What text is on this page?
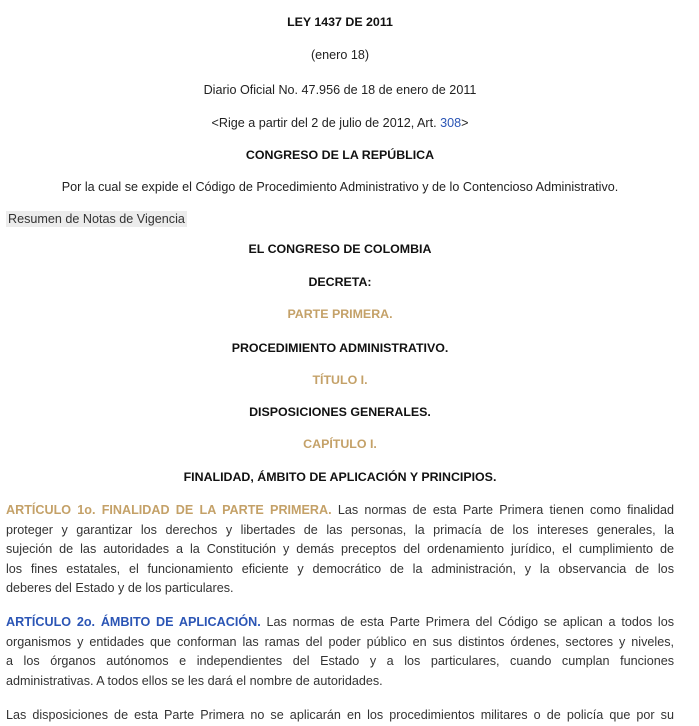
LEY 1437 DE 2011
(enero 18)
Diario Oficial No. 47.956 de 18 de enero de 2011
<Rige a partir del 2 de julio de 2012, Art. 308>
CONGRESO DE LA REPÚBLICA
Por la cual se expide el Código de Procedimiento Administrativo y de lo Contencioso Administrativo.
Resumen de Notas de Vigencia
EL CONGRESO DE COLOMBIA
DECRETA:
PARTE PRIMERA.
PROCEDIMIENTO ADMINISTRATIVO.
TÍTULO I.
DISPOSICIONES GENERALES.
CAPÍTULO I.
FINALIDAD, ÁMBITO DE APLICACIÓN Y PRINCIPIOS.
ARTÍCULO 1o. FINALIDAD DE LA PARTE PRIMERA. Las normas de esta Parte Primera tienen como finalidad
proteger y garantizar los derechos y libertades de las personas, la primacía de los intereses generales, la
sujeción de las autoridades a la Constitución y demás preceptos del ordenamiento jurídico, el cumplimiento de
los fines estatales, el funcionamiento eficiente y democrático de la administración, y la observancia de los
deberes del Estado y de los particulares.
ARTÍCULO 2o. ÁMBITO DE APLICACIÓN. Las normas de esta Parte Primera del Código se aplican a todos los
organismos y entidades que conforman las ramas del poder público en sus distintos órdenes, sectores y niveles,
a los órganos autónomos e independientes del Estado y a los particulares, cuando cumplan funciones
administrativas. A todos ellos se les dará el nombre de autoridades.
Las disposiciones de esta Parte Primera no se aplicarán en los procedimientos militares o de policía que por su
